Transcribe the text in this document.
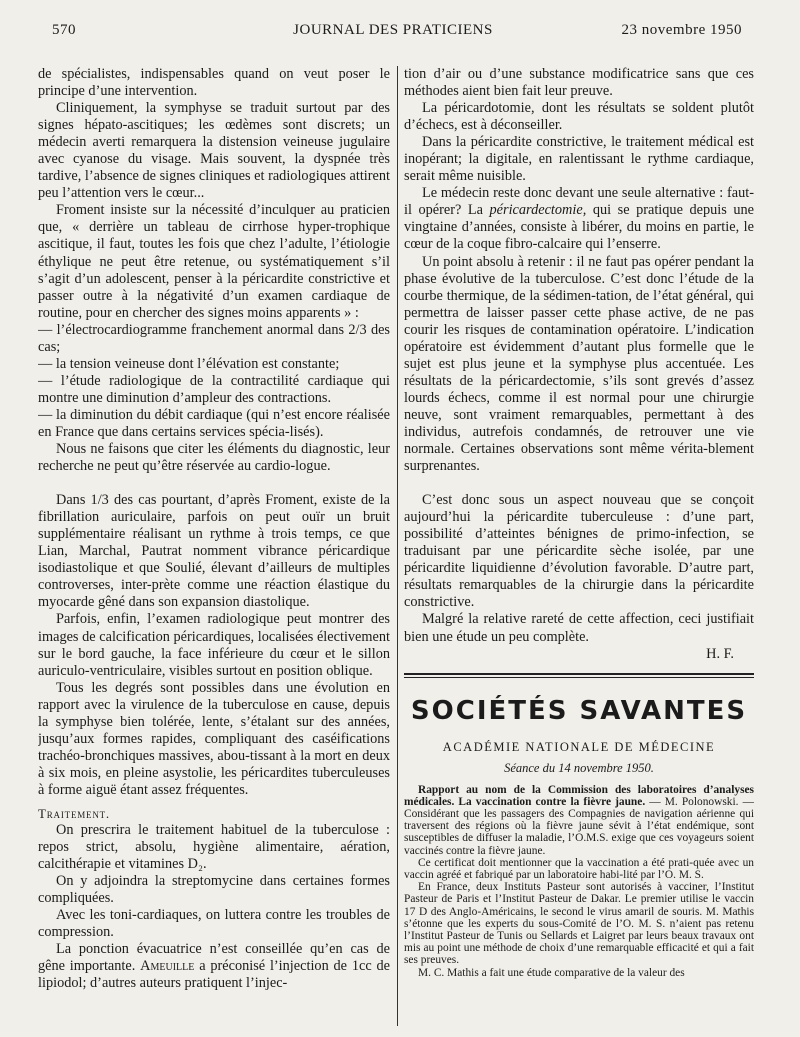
570	JOURNAL DES PRATICIENS	23 novembre 1950

de spécialistes, indispensables quand on veut poser le principe d’une intervention.

Cliniquement, la symphyse se traduit surtout par des signes hépato-ascitiques; les œdèmes sont discrets; un médecin averti remarquera la distension veineuse jugulaire avec cyanose du visage. Mais souvent, la dyspnée très tardive, l’absence de signes cliniques et radiologiques attirent peu l’attention vers le cœur...

Froment insiste sur la nécessité d’inculquer au praticien que, « derrière un tableau de cirrhose hyper-trophique ascitique, il faut, toutes les fois que chez l’adulte, l’étiologie éthylique ne peut être retenue, ou systématiquement s’il s’agit d’un adolescent, penser à la péricardite constrictive et passer outre à la négativité d’un examen cardiaque de routine, pour en chercher des signes moins apparents » :

— l’électrocardiogramme franchement anormal dans 2/3 des cas;

— la tension veineuse dont l’élévation est constante;

— l’étude radiologique de la contractilité cardiaque qui montre une diminution d’ampleur des contractions.

— la diminution du débit cardiaque (qui n’est encore réalisée en France que dans certains services spécia-lisés).

Nous ne faisons que citer les éléments du diagnostic, leur recherche ne peut qu’être réservée au cardio-logue.

Dans 1/3 des cas pourtant, d’après Froment, existe de la fibrillation auriculaire, parfois on peut ouïr un bruit supplémentaire réalisant un rythme à trois temps, ce que Lian, Marchal, Pautrat nomment vibrance péricardique isodiastolique et que Soulié, élevant d’ailleurs de multiples controverses, inter-prète comme une réaction élastique du myocarde gêné dans son expansion diastolique.

Parfois, enfin, l’examen radiologique peut montrer des images de calcification péricardiques, localisées électivement sur le bord gauche, la face inférieure du cœur et le sillon auriculo-ventriculaire, visibles surtout en position oblique.

Tous les degrés sont possibles dans une évolution en rapport avec la virulence de la tuberculose en cause, depuis la symphyse bien tolérée, lente, s’étalant sur des années, jusqu’aux formes rapides, compliquant des caséifications trachéo-bronchiques massives, abou-tissant à la mort en deux à six mois, en pleine asystolie, les péricardites tuberculeuses à forme aiguë étant assez fréquentes.

Traitement.

On prescrira le traitement habituel de la tuberculose : repos strict, absolu, hygiène alimentaire, aération, calcithérapie et vitamines D₂.

On y adjoindra la streptomycine dans certaines formes compliquées.

Avec les toni-cardiaques, on luttera contre les troubles de compression.

La ponction évacuatrice n’est conseillée qu’en cas de gêne importante. Ameuille a préconisé l’injection de 1cc de lipiodol; d’autres auteurs pratiquent l’injec-

tion d’air ou d’une substance modificatrice sans que ces méthodes aient bien fait leur preuve.

La péricardotomie, dont les résultats se soldent plutôt d’échecs, est à déconseiller.

Dans la péricardite constrictive, le traitement médical est inopérant; la digitale, en ralentissant le rythme cardiaque, serait même nuisible.

Le médecin reste donc devant une seule alternative : faut-il opérer? La péricardectomie, qui se pratique depuis une vingtaine d’années, consiste à libérer, du moins en partie, le cœur de la coque fibro-calcaire qui l’enserre.

Un point absolu à retenir : il ne faut pas opérer pendant la phase évolutive de la tuberculose. C’est donc l’étude de la courbe thermique, de la sédimen-tation, de l’état général, qui permettra de laisser passer cette phase active, de ne pas courir les risques de contamination opératoire. L’indication opératoire est évidemment d’autant plus formelle que le sujet est plus jeune et la symphyse plus accentuée. Les résultats de la péricardectomie, s’ils sont grevés d’assez lourds échecs, comme il est normal pour une chirurgie neuve, sont vraiment remarquables, permettant à des individus, autrefois condamnés, de retrouver une vie normale. Certaines observations sont même vérita-blement surprenantes.

C’est donc sous un aspect nouveau que se conçoit aujourd’hui la péricardite tuberculeuse : d’une part, possibilité d’atteintes bénignes de primo-infection, se traduisant par une péricardite sèche isolée, par une péricardite liquidienne d’évolution favorable. D’autre part, résultats remarquables de la chirurgie dans la péricardite constrictive.

Malgré la relative rareté de cette affection, ceci justifiait bien une étude un peu complète.

H. F.

SOCIÉTÉS SAVANTES
ACADÉMIE NATIONALE DE MÉDECINE
Séance du 14 novembre 1950.

Rapport au nom de la Commission des laboratoires d’analyses médicales. La vaccination contre la fièvre jaune. — M. Polonowski. — Considérant que les passagers des Compagnies de navigation aérienne qui traversent des régions où la fièvre jaune sévit à l’état endémique, sont susceptibles de diffuser la maladie, l’O.M.S. exige que ces voyageurs soient vaccinés contre la fièvre jaune.

Ce certificat doit mentionner que la vaccination a été prati-quée avec un vaccin agréé et fabriqué par un laboratoire habi-lité par l’O. M. S.

En France, deux Instituts Pasteur sont autorisés à vacciner, l’Institut Pasteur de Paris et l’Institut Pasteur de Dakar. Le premier utilise le vaccin 17 D des Anglo-Américains, le second le virus amaril de souris. M. Mathis s’étonne que les experts du sous-Comité de l’O. M. S. n’aient pas retenu l’Institut Pasteur de Tunis ou Sellards et Laigret par leurs beaux travaux ont mis au point une méthode de choix d’une remarquable efficacité et qui a fait ses preuves.

M. C. Mathis a fait une étude comparative de la valeur des
